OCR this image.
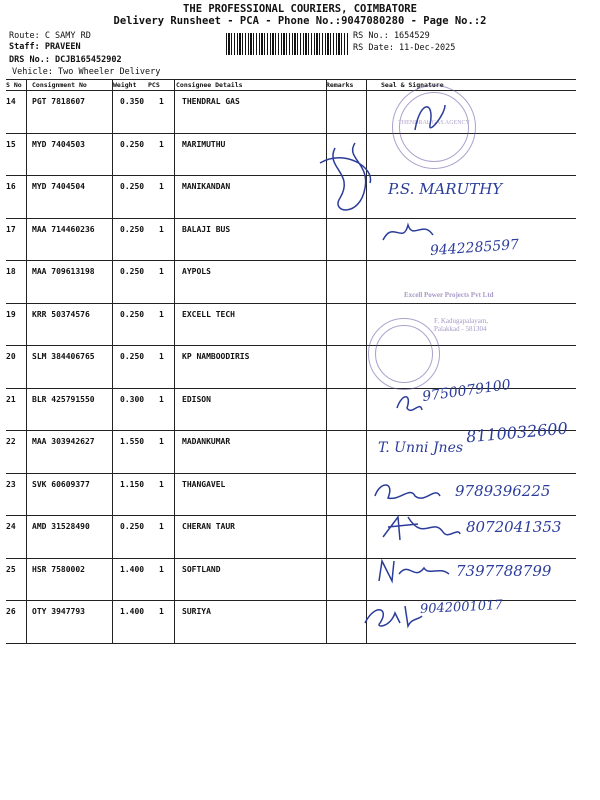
THE PROFESSIONAL COURIERS, COIMBATORE
Delivery Runsheet - PCA - Phone No.:9047080280 - Page No.:2
Route: C SAMY RD
Staff: PRAVEEN
DRS No.: DCJB165452902
Vehicle: Two Wheeler Delivery
RS No.: 1654529
RS Date: 11-Dec-2025
S No Consignment No	Weight PCS	Consignee Details	Remarks	Seal & Signature
14 PGT 7818607	0.350 1 THENDRAL GAS
15 MYD 7404503	0.250 1 MARIMUTHU
16 MYD 7404504	0.250 1 MANIKANDAN
17 MAA 714460236	0.250 1 BALAJI BUS
18 MAA 709613198	0.250 1 AYPOLS
19 KRR 50374576	0.250 1 EXCELL TECH
20 SLM 384406765	0.250 1 KP NAMBOODIRIS
21 BLR 425791550	0.300 1 EDISON
22 MAA 303942627	1.550 1 MADANKUMAR
23 SVK 60609377	1.150 1 THANGAVEL
24 AMD 31528490	0.250 1 CHERAN TAUR
25 HSR 7580002	1.400 1 SOFTLAND
26 OTY 3947793	1.400 1 SURIYA
THENDRAL GAS AGENCY
Excell Power Projects Pvt Ltd
F. Kadugapalayam,
Palakkad - 581304
P.S. MARUTHY
9442285597
9750079100
8110032600
T. Unni Jnes
9789396225
8072041353
7397788799
9042001017
